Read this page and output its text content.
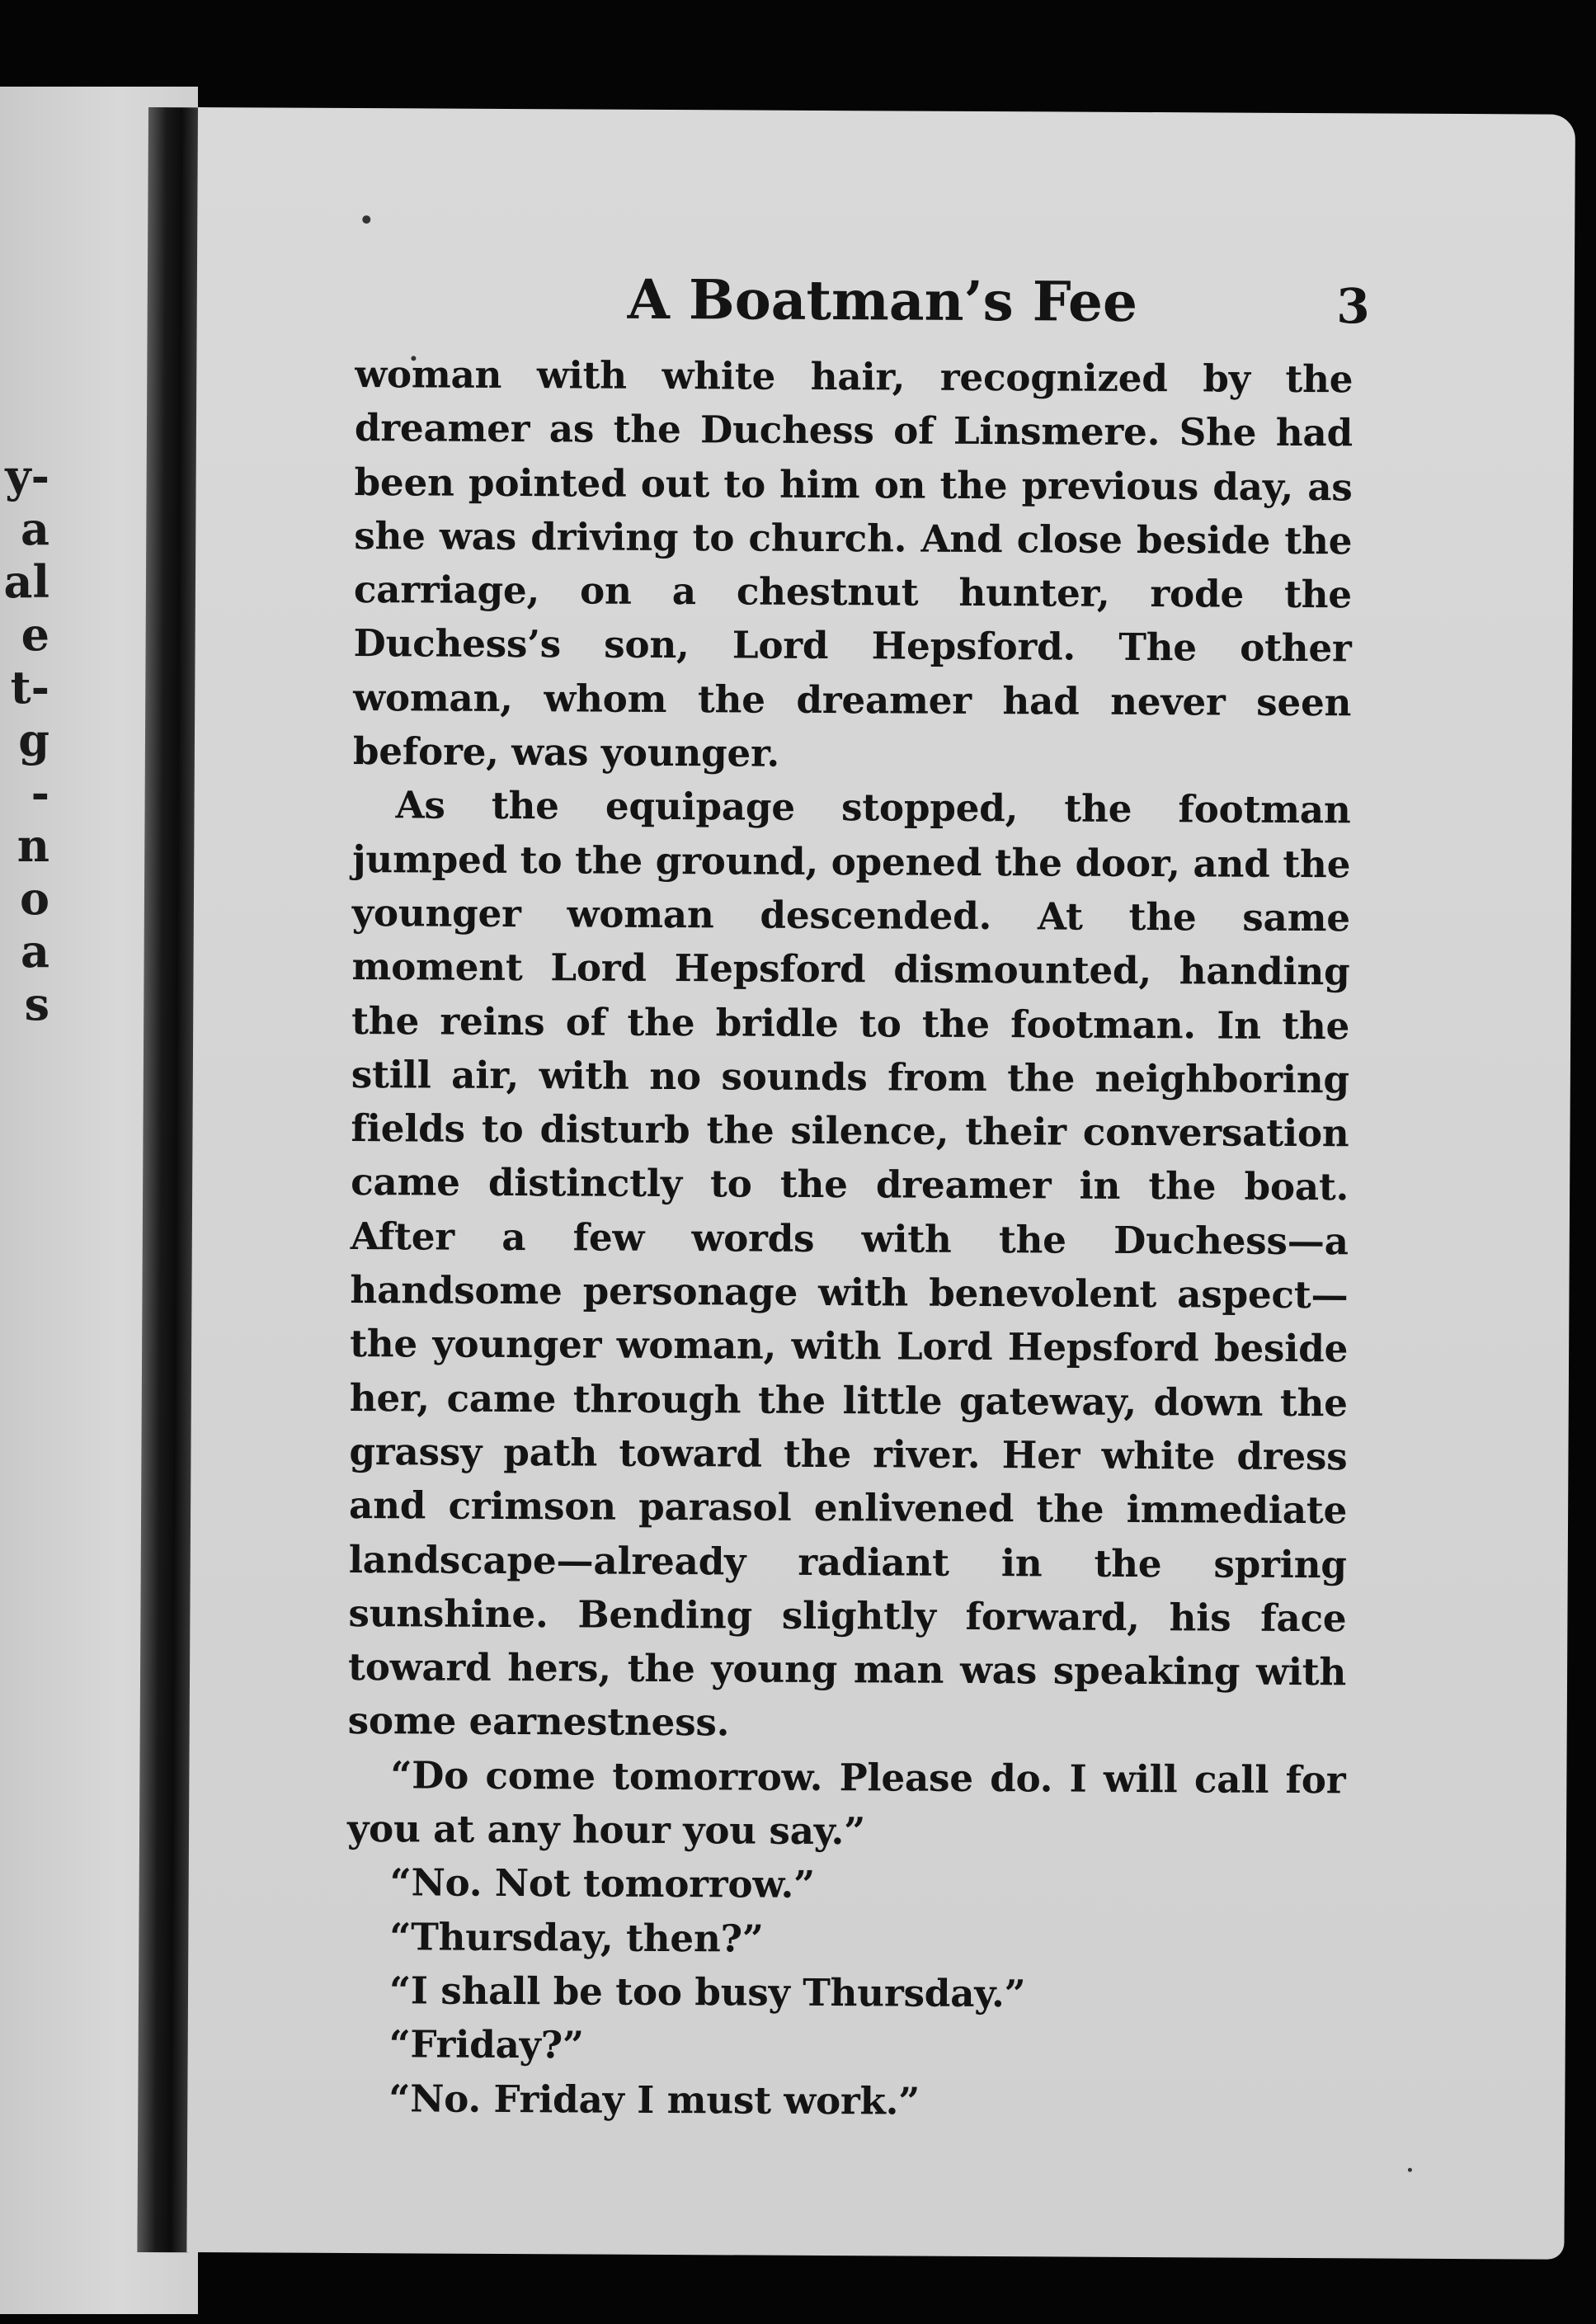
y-
a
al
e
t-
g
-
n
o
a
s
A Boatman’s Fee	3

woman with white hair, recognized by the dreamer as the Duchess of Linsmere. She had been pointed out to him on the previous day, as she was driving to church. And close beside the carriage, on a chestnut hunter, rode the Duchess’s son, Lord Hepsford. The other woman, whom the dreamer had never seen before, was younger.

As the equipage stopped, the footman jumped to the ground, opened the door, and the younger woman descended. At the same moment Lord Hepsford dismounted, handing the reins of the bridle to the footman. In the still air, with no sounds from the neighboring fields to disturb the silence, their conversation came distinctly to the dreamer in the boat. After a few words with the Duchess—a handsome personage with benevolent aspect—the younger woman, with Lord Hepsford beside her, came through the little gateway, down the grassy path toward the river. Her white dress and crimson parasol enlivened the immediate landscape—already radiant in the spring sunshine. Bending slightly forward, his face toward hers, the young man was speaking with some earnestness.

“Do come tomorrow. Please do. I will call for you at any hour you say.”

“No. Not tomorrow.”

“Thursday, then?”

“I shall be too busy Thursday.”

“Friday?”

“No. Friday I must work.”
